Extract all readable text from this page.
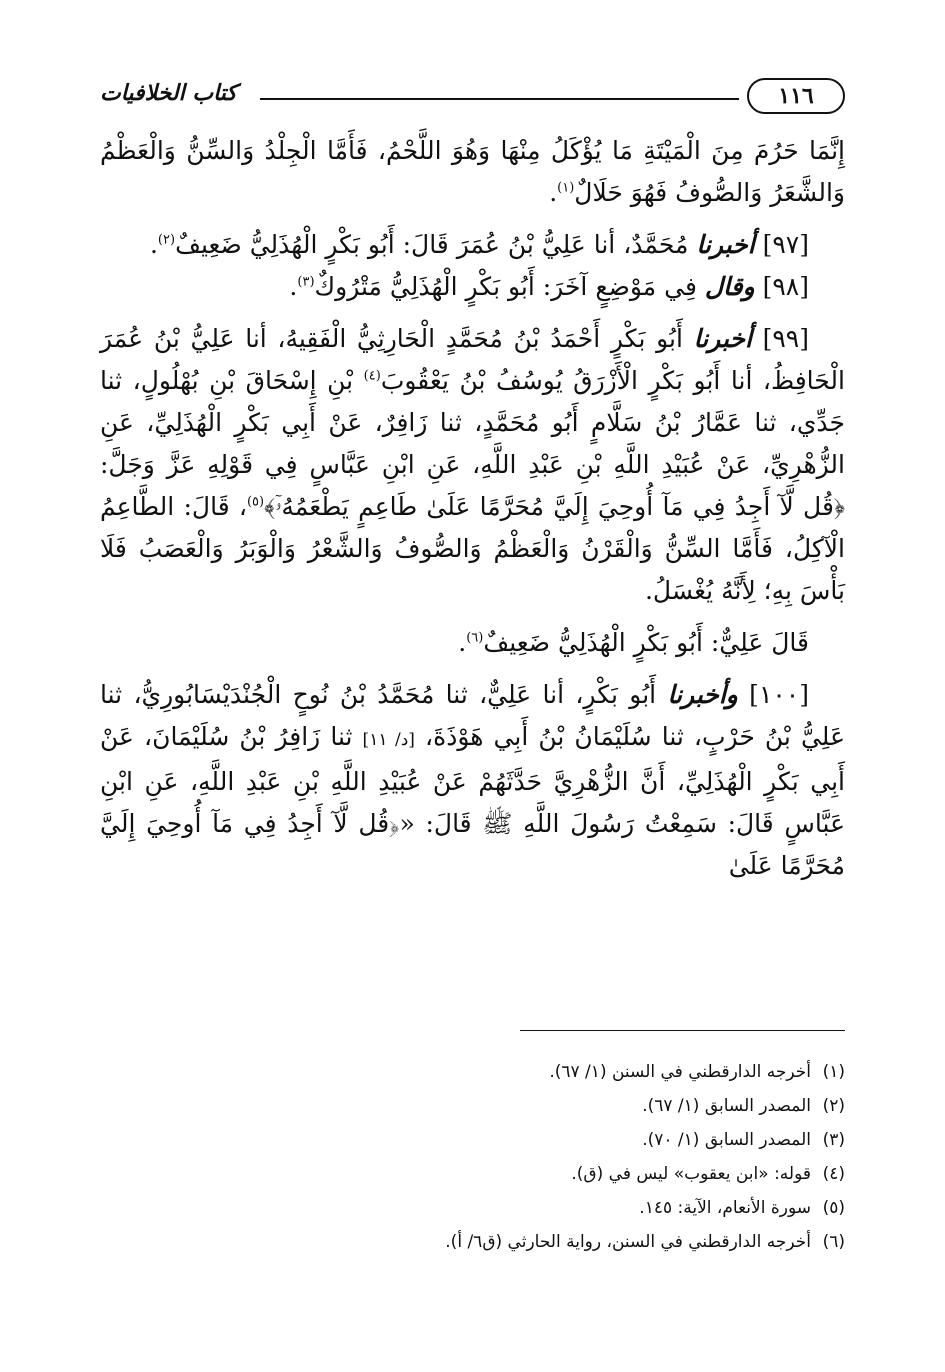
كتاب الخلافيات	١١٦

إِنَّمَا حَرُمَ مِنَ الْمَيْتَةِ مَا يُؤْكَلُ مِنْهَا وَهُوَ اللَّحْمُ، فَأَمَّا الْجِلْدُ وَالسِّنُّ وَالْعَظْمُ وَالشَّعَرُ وَالصُّوفُ فَهُوَ حَلَالٌ$^{(١)}$.

[٩٧] أخبرنا مُحَمَّدٌ، أنا عَلِيُّ بْنُ عُمَرَ قَالَ: أَبُو بَكْرٍ الْهُذَلِيُّ ضَعِيفٌ$^{(٢)}$.

[٩٨] وقال فِي مَوْضِعٍ آخَرَ: أَبُو بَكْرٍ الْهُذَلِيُّ مَتْرُوكٌ$^{(٣)}$.

[٩٩] أخبرنا أَبُو بَكْرٍ أَحْمَدُ بْنُ مُحَمَّدٍ الْحَارِثِيُّ الْفَقِيهُ، أنا عَلِيُّ بْنُ عُمَرَ الْحَافِظُ، أنا أَبُو بَكْرٍ الْأَزْرَقُ يُوسُفُ بْنُ يَعْقُوبَ$^{(٤)}$ بْنِ إِسْحَاقَ بْنِ بُهْلُولٍ، ثنا جَدِّي، ثنا عَمَّارُ بْنُ سَلَّامٍ أَبُو مُحَمَّدٍ، ثنا زَافِرٌ، عَنْ أَبِي بَكْرٍ الْهُذَلِيِّ، عَنِ الزُّهْرِيِّ، عَنْ عُبَيْدِ اللَّهِ بْنِ عَبْدِ اللَّهِ، عَنِ ابْنِ عَبَّاسٍ فِي قَوْلِهِ عَزَّ وَجَلَّ: ﴿قُل لَّآ أَجِدُ فِي مَآ أُوحِيَ إِلَيَّ مُحَرَّمًا عَلَىٰ طَاعِمٍ يَطْعَمُهُۥٓ﴾$^{(٥)}$، قَالَ: الطَّاعِمُ الْآكِلُ، فَأَمَّا السِّنُّ وَالْقَرْنُ وَالْعَظْمُ وَالصُّوفُ وَالشَّعْرُ وَالْوَبَرُ وَالْعَصَبُ فَلَا بَأْسَ بِهِ؛ لِأَنَّهُ يُغْسَلُ.

قَالَ عَلِيٌّ: أَبُو بَكْرٍ الْهُذَلِيُّ ضَعِيفٌ$^{(٦)}$.

[١٠٠] وأخبرنا أَبُو بَكْرٍ، أنا عَلِيٌّ، ثنا مُحَمَّدُ بْنُ نُوحٍ الْجُنْدَيْسَابُورِيُّ، ثنا عَلِيُّ بْنُ حَرْبٍ، ثنا سُلَيْمَانُ بْنُ أَبِي هَوْذَةَ، [د/ ١١] ثنا زَافِرُ بْنُ سُلَيْمَانَ، عَنْ أَبِي بَكْرٍ الْهُذَلِيِّ، أَنَّ الزُّهْرِيَّ حَدَّثَهُمْ عَنْ عُبَيْدِ اللَّهِ بْنِ عَبْدِ اللَّهِ، عَنِ ابْنِ عَبَّاسٍ قَالَ: سَمِعْتُ رَسُولَ اللَّهِ ﷺ قَالَ: «﴿قُل لَّآ أَجِدُ فِي مَآ أُوحِيَ إِلَيَّ مُحَرَّمًا عَلَىٰ

(١)أخرجه الدارقطني في السنن (١/ ٦٧).
(٢)المصدر السابق (١/ ٦٧).
(٣)المصدر السابق (١/ ٧٠).
(٤)قوله: «ابن يعقوب» ليس في (ق).
(٥)سورة الأنعام، الآية: ١٤٥.
(٦)أخرجه الدارقطني في السنن، رواية الحارثي (ق٦/ أ).
